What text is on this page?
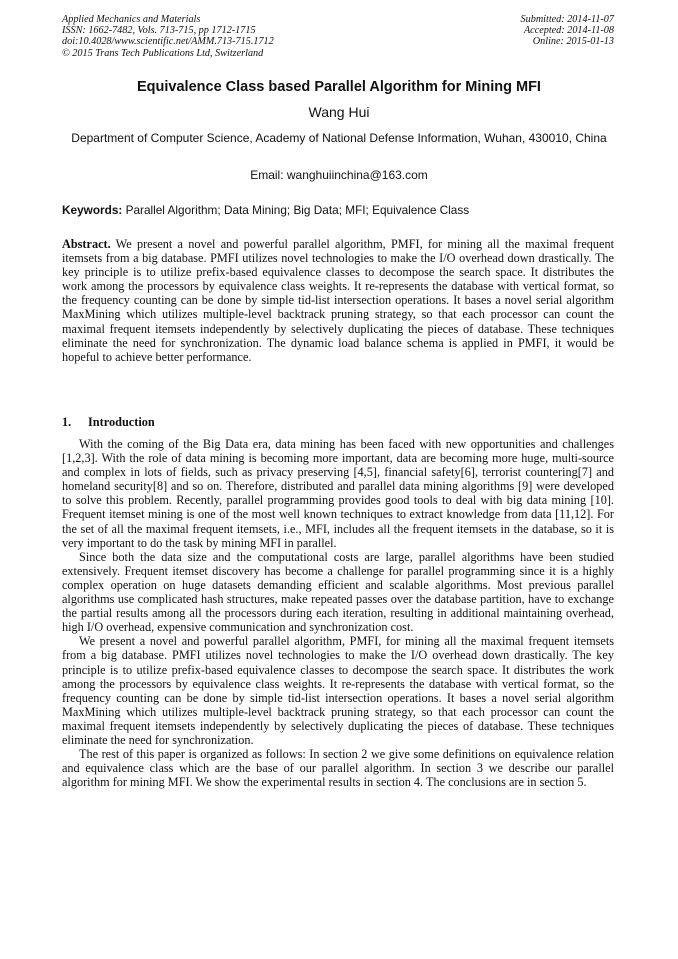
Applied Mechanics and Materials
ISSN: 1662-7482, Vols. 713-715, pp 1712-1715
doi:10.4028/www.scientific.net/AMM.713-715.1712
© 2015 Trans Tech Publications Ltd, Switzerland
Submitted: 2014-11-07
Accepted: 2014-11-08
Online: 2015-01-13
Equivalence Class based Parallel Algorithm for Mining MFI
Wang Hui
Department of Computer Science, Academy of National Defense Information, Wuhan, 430010, China
Email: wanghuiinchina@163.com
Keywords: Parallel Algorithm; Data Mining; Big Data; MFI; Equivalence Class
Abstract. We present a novel and powerful parallel algorithm, PMFI, for mining all the maximal frequent itemsets from a big database. PMFI utilizes novel technologies to make the I/O overhead down drastically. The key principle is to utilize prefix-based equivalence classes to decompose the search space. It distributes the work among the processors by equivalence class weights. It re-represents the database with vertical format, so the frequency counting can be done by simple tid-list intersection operations. It bases a novel serial algorithm MaxMining which utilizes multiple-level backtrack pruning strategy, so that each processor can count the maximal frequent itemsets independently by selectively duplicating the pieces of database. These techniques eliminate the need for synchronization. The dynamic load balance schema is applied in PMFI, it would be hopeful to achieve better performance.
1. Introduction

With the coming of the Big Data era, data mining has been faced with new opportunities and challenges [1,2,3]. With the role of data mining is becoming more important, data are becoming more huge, multi-source and complex in lots of fields, such as privacy preserving [4,5], financial safety[6], terrorist countering[7] and homeland security[8] and so on. Therefore, distributed and parallel data mining algorithms [9] were developed to solve this problem. Recently, parallel programming provides good tools to deal with big data mining [10]. Frequent itemset mining is one of the most well known techniques to extract knowledge from data [11,12]. For the set of all the maximal frequent itemsets, i.e., MFI, includes all the frequent itemsets in the database, so it is very important to do the task by mining MFI in parallel.

Since both the data size and the computational costs are large, parallel algorithms have been studied extensively. Frequent itemset discovery has become a challenge for parallel programming since it is a highly complex operation on huge datasets demanding efficient and scalable algorithms. Most previous parallel algorithms use complicated hash structures, make repeated passes over the database partition, have to exchange the partial results among all the processors during each iteration, resulting in additional maintaining overhead, high I/O overhead, expensive communication and synchronization cost.

We present a novel and powerful parallel algorithm, PMFI, for mining all the maximal frequent itemsets from a big database. PMFI utilizes novel technologies to make the I/O overhead down drastically. The key principle is to utilize prefix-based equivalence classes to decompose the search space. It distributes the work among the processors by equivalence class weights. It re-represents the database with vertical format, so the frequency counting can be done by simple tid-list intersection operations. It bases a novel serial algorithm MaxMining which utilizes multiple-level backtrack pruning strategy, so that each processor can count the maximal frequent itemsets independently by selectively duplicating the pieces of database. These techniques eliminate the need for synchronization.

The rest of this paper is organized as follows: In section 2 we give some definitions on equivalence relation and equivalence class which are the base of our parallel algorithm. In section 3 we describe our parallel algorithm for mining MFI. We show the experimental results in section 4. The conclusions are in section 5.
